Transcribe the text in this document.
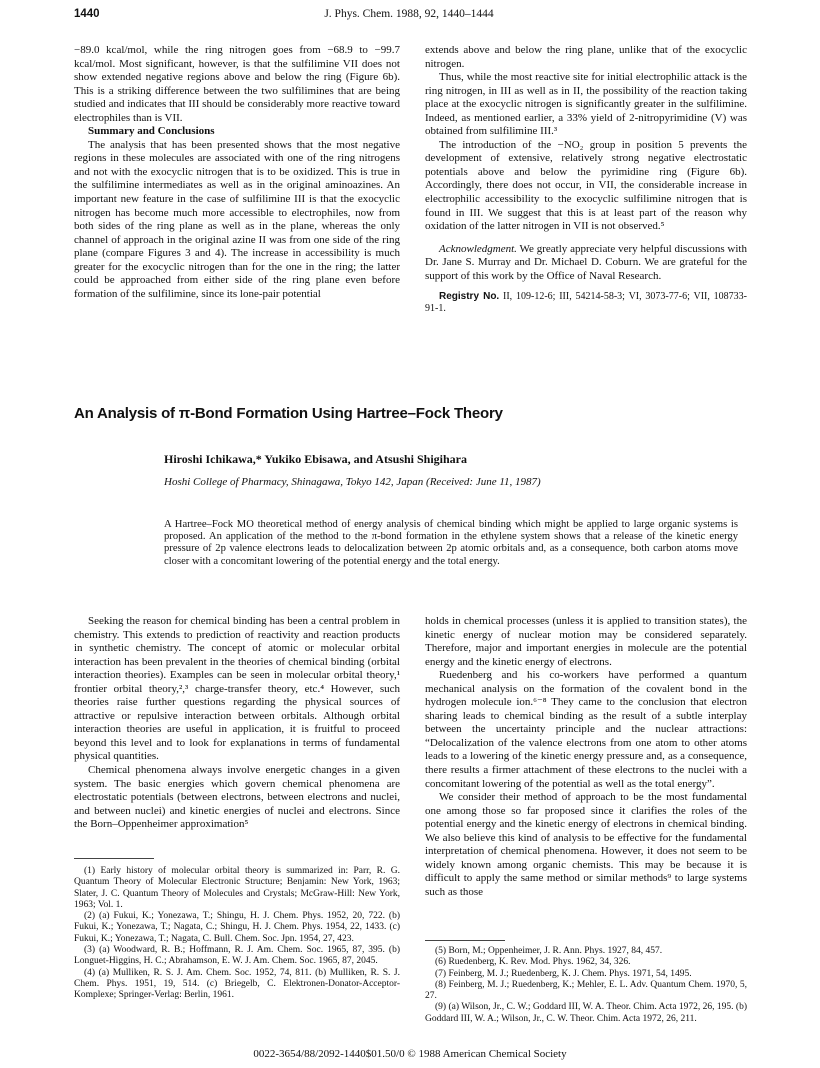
1440	J. Phys. Chem. 1988, 92, 1440–1444

−89.0 kcal/mol, while the ring nitrogen goes from −68.9 to −99.7 kcal/mol. Most significant, however, is that the sulfilimine VII does not show extended negative regions above and below the ring (Figure 6b). This is a striking difference between the two sulfilimines that are being studied and indicates that III should be considerably more reactive toward electrophiles than is VII.

Summary and Conclusions

The analysis that has been presented shows that the most negative regions in these molecules are associated with one of the ring nitrogens and not with the exocyclic nitrogen that is to be oxidized. This is true in the sulfilimine intermediates as well as in the original aminoazines. An important new feature in the case of sulfilimine III is that the exocyclic nitrogen has become much more accessible to electrophiles, now from both sides of the ring plane as well as in the plane, whereas the only channel of approach in the original azine II was from one side of the ring plane (compare Figures 3 and 4). The increase in accessibility is much greater for the exocyclic nitrogen than for the one in the ring; the latter could be approached from either side of the ring plane even before formation of the sulfilimine, since its lone-pair potential

extends above and below the ring plane, unlike that of the exocyclic nitrogen.

Thus, while the most reactive site for initial electrophilic attack is the ring nitrogen, in III as well as in II, the possibility of the reaction taking place at the exocyclic nitrogen is significantly greater in the sulfilimine. Indeed, as mentioned earlier, a 33% yield of 2-nitropyrimidine (V) was obtained from sulfilimine III.³

The introduction of the −NO₂ group in position 5 prevents the development of extensive, relatively strong negative electrostatic potentials above and below the pyrimidine ring (Figure 6b). Accordingly, there does not occur, in VII, the considerable increase in electrophilic accessibility to the exocyclic sulfilimine nitrogen that is found in III. We suggest that this is at least part of the reason why oxidation of the latter nitrogen in VII is not observed.⁵

Acknowledgment. We greatly appreciate very helpful discussions with Dr. Jane S. Murray and Dr. Michael D. Coburn. We are grateful for the support of this work by the Office of Naval Research.

Registry No. II, 109-12-6; III, 54214-58-3; VI, 3073-77-6; VII, 108733-91-1.

An Analysis of π-Bond Formation Using Hartree–Fock Theory
Hiroshi Ichikawa,* Yukiko Ebisawa, and Atsushi Shigihara
Hoshi College of Pharmacy, Shinagawa, Tokyo 142, Japan (Received: June 11, 1987)
A Hartree–Fock MO theoretical method of energy analysis of chemical binding which might be applied to large organic systems is proposed. An application of the method to the π-bond formation in the ethylene system shows that a release of the kinetic energy pressure of 2p valence electrons leads to delocalization between 2p atomic orbitals and, as a consequence, both carbon atoms move closer with a concomitant lowering of the potential energy and the total energy.

Seeking the reason for chemical binding has been a central problem in chemistry. This extends to prediction of reactivity and reaction products in synthetic chemistry. The concept of atomic or molecular orbital interaction has been prevalent in the theories of chemical binding (orbital interaction theories). Examples can be seen in molecular orbital theory,¹ frontier orbital theory,²,³ charge-transfer theory, etc.⁴ However, such theories raise further questions regarding the physical sources of attractive or repulsive interaction between orbitals. Although orbital interaction theories are useful in application, it is fruitful to proceed beyond this level and to look for explanations in terms of fundamental physical quantities.

Chemical phenomena always involve energetic changes in a given system. The basic energies which govern chemical phenomena are electrostatic potentials (between electrons, between electrons and nuclei, and between nuclei) and kinetic energies of nuclei and electrons. Since the Born–Oppenheimer approximation⁵

(1) Early history of molecular orbital theory is summarized in: Parr, R. G. Quantum Theory of Molecular Electronic Structure; Benjamin: New York, 1963; Slater, J. C. Quantum Theory of Molecules and Crystals; McGraw-Hill: New York, 1963; Vol. 1.

(2) (a) Fukui, K.; Yonezawa, T.; Shingu, H. J. Chem. Phys. 1952, 20, 722. (b) Fukui, K.; Yonezawa, T.; Nagata, C.; Shingu, H. J. Chem. Phys. 1954, 22, 1433. (c) Fukui, K.; Yonezawa, T.; Nagata, C. Bull. Chem. Soc. Jpn. 1954, 27, 423.

(3) (a) Woodward, R. B.; Hoffmann, R. J. Am. Chem. Soc. 1965, 87, 395. (b) Longuet-Higgins, H. C.; Abrahamson, E. W. J. Am. Chem. Soc. 1965, 87, 2045.

(4) (a) Mulliken, R. S. J. Am. Chem. Soc. 1952, 74, 811. (b) Mulliken, R. S. J. Chem. Phys. 1951, 19, 514. (c) Briegelb, C. Elektronen-Donator-Acceptor-Komplexe; Springer-Verlag: Berlin, 1961.

holds in chemical processes (unless it is applied to transition states), the kinetic energy of nuclear motion may be considered separately. Therefore, major and important energies in molecule are the potential energy and the kinetic energy of electrons.

Ruedenberg and his co-workers have performed a quantum mechanical analysis on the formation of the covalent bond in the hydrogen molecule ion.⁶⁻⁸ They came to the conclusion that electron sharing leads to chemical binding as the result of a subtle interplay between the uncertainty principle and the nuclear attractions: “Delocalization of the valence electrons from one atom to other atoms leads to a lowering of the kinetic energy pressure and, as a consequence, there results a firmer attachment of these electrons to the nuclei with a concomitant lowering of the potential as well as the total energy”.

We consider their method of approach to be the most fundamental one among those so far proposed since it clarifies the roles of the potential energy and the kinetic energy of electrons in chemical binding. We also believe this kind of analysis to be effective for the fundamental interpretation of chemical phenomena. However, it does not seem to be widely known among organic chemists. This may be because it is difficult to apply the same method or similar methods⁹ to large systems such as those

(5) Born, M.; Oppenheimer, J. R. Ann. Phys. 1927, 84, 457.

(6) Ruedenberg, K. Rev. Mod. Phys. 1962, 34, 326.

(7) Feinberg, M. J.; Ruedenberg, K. J. Chem. Phys. 1971, 54, 1495.

(8) Feinberg, M. J.; Ruedenberg, K.; Mehler, E. L. Adv. Quantum Chem. 1970, 5, 27.

(9) (a) Wilson, Jr., C. W.; Goddard III, W. A. Theor. Chim. Acta 1972, 26, 195. (b) Goddard III, W. A.; Wilson, Jr., C. W. Theor. Chim. Acta 1972, 26, 211.

0022-3654/88/2092-1440$01.50/0 © 1988 American Chemical Society
